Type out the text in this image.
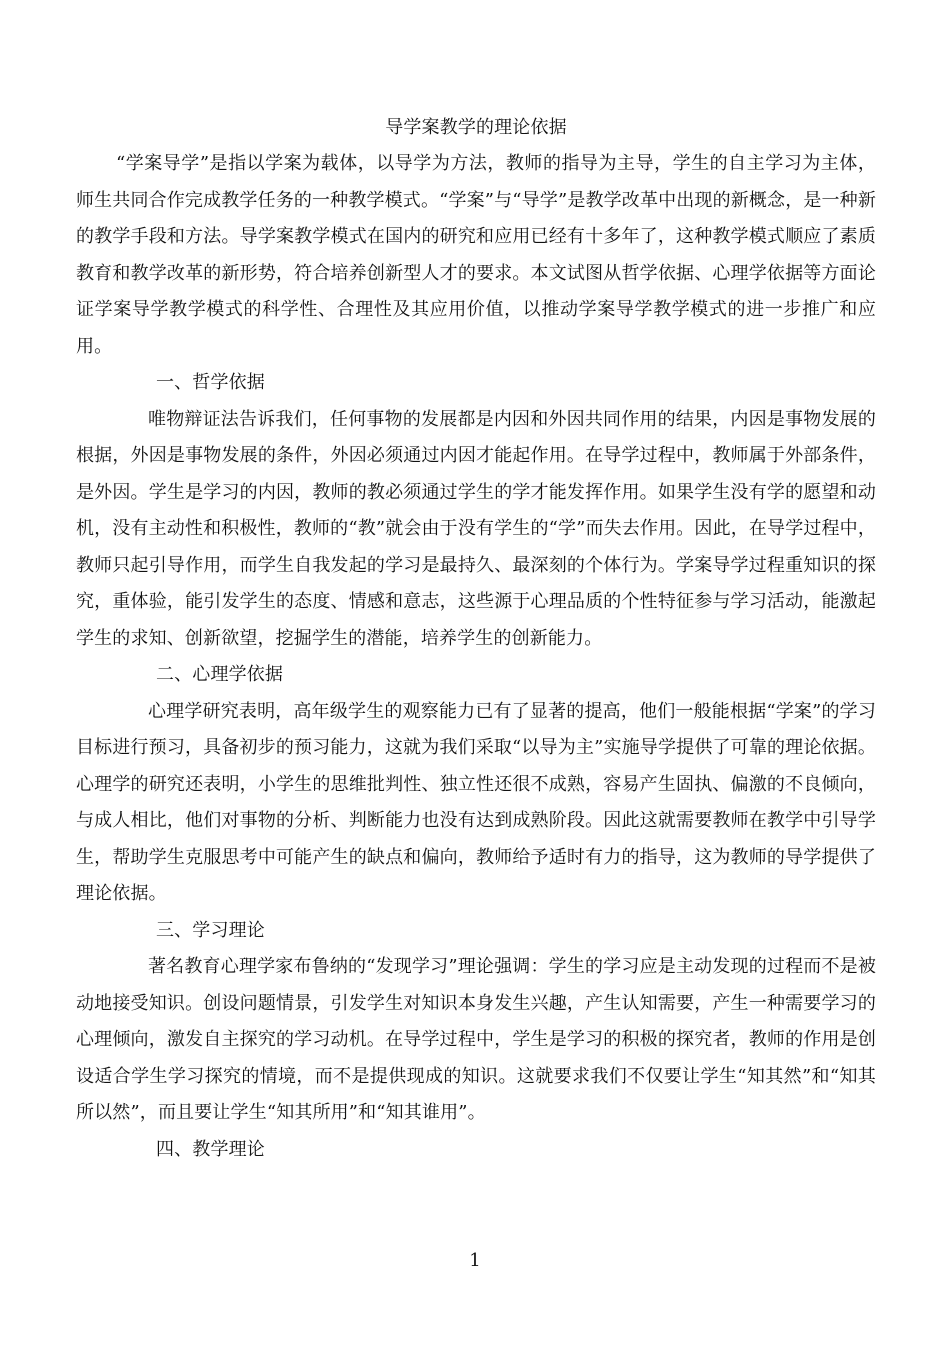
导学案教学的理论依据

“学案导学”是指以学案为载体，以导学为方法，教师的指导为主导，学生的自主学习为主体，师生共同合作完成教学任务的一种教学模式。“学案”与“导学”是教学改革中出现的新概念，是一种新的教学手段和方法。导学案教学模式在国内的研究和应用已经有十多年了，这种教学模式顺应了素质教育和教学改革的新形势，符合培养创新型人才的要求。本文试图从哲学依据、心理学依据等方面论证学案导学教学模式的科学性、合理性及其应用价值，以推动学案导学教学模式的进一步推广和应用。

一、哲学依据

唯物辩证法告诉我们，任何事物的发展都是内因和外因共同作用的结果，内因是事物发展的根据，外因是事物发展的条件，外因必须通过内因才能起作用。在导学过程中，教师属于外部条件，是外因。学生是学习的内因，教师的教必须通过学生的学才能发挥作用。如果学生没有学的愿望和动机，没有主动性和积极性，教师的“教”就会由于没有学生的“学”而失去作用。因此，在导学过程中，教师只起引导作用，而学生自我发起的学习是最持久、最深刻的个体行为。学案导学过程重知识的探究，重体验，能引发学生的态度、情感和意志，这些源于心理品质的个性特征参与学习活动，能激起学生的求知、创新欲望，挖掘学生的潜能，培养学生的创新能力。

二、心理学依据

心理学研究表明，高年级学生的观察能力已有了显著的提高，他们一般能根据“学案”的学习目标进行预习，具备初步的预习能力，这就为我们采取“以导为主”实施导学提供了可靠的理论依据。心理学的研究还表明，小学生的思维批判性、独立性还很不成熟，容易产生固执、偏激的不良倾向，与成人相比，他们对事物的分析、判断能力也没有达到成熟阶段。因此这就需要教师在教学中引导学生，帮助学生克服思考中可能产生的缺点和偏向，教师给予适时有力的指导，这为教师的导学提供了理论依据。

三、学习理论

著名教育心理学家布鲁纳的“发现学习”理论强调：学生的学习应是主动发现的过程而不是被动地接受知识。创设问题情景，引发学生对知识本身发生兴趣，产生认知需要，产生一种需要学习的心理倾向，激发自主探究的学习动机。在导学过程中，学生是学习的积极的探究者，教师的作用是创设适合学生学习探究的情境，而不是提供现成的知识。这就要求我们不仅要让学生“知其然”和“知其所以然”，而且要让学生“知其所用”和“知其谁用”。

四、教学理论

1
